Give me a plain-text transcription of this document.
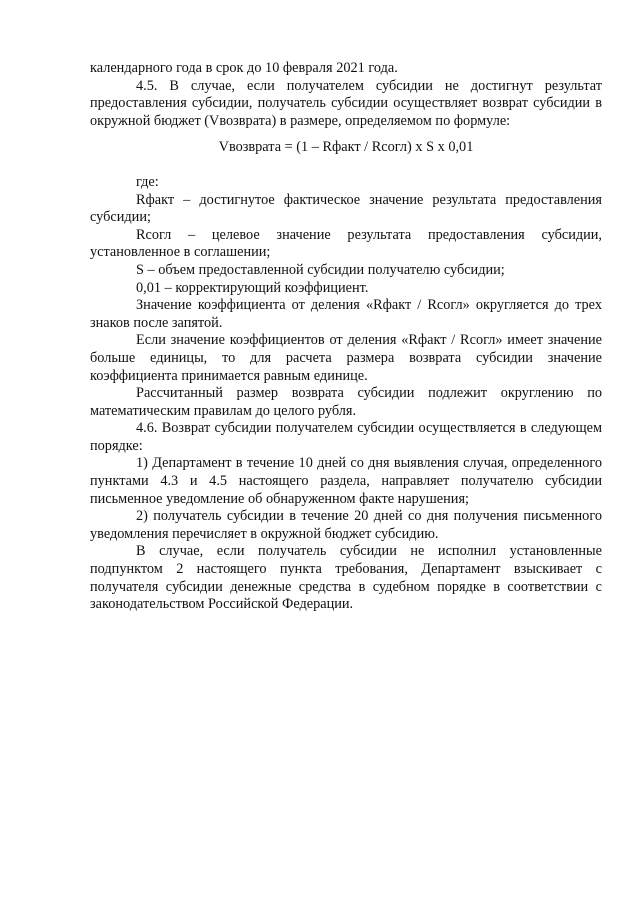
календарного года в срок до 10 февраля 2021 года.

4.5. В случае, если получателем субсидии не достигнут результат предоставления субсидии, получатель субсидии осуществляет возврат субсидии в окружной бюджет (Vвозврата) в размере, определяемом по формуле:

Vвозврата = (1 – Rфакт / Rсогл) х S х 0,01

где:

Rфакт – достигнутое фактическое значение результата предоставления субсидии;

Rсогл – целевое значение результата предоставления субсидии, установленное в соглашении;

S – объем предоставленной субсидии получателю субсидии;

0,01 – корректирующий коэффициент.

Значение коэффициента от деления «Rфакт / Rсогл» округляется до трех знаков после запятой.

Если значение коэффициентов от деления «Rфакт / Rсогл» имеет значение больше единицы, то для расчета размера возврата субсидии значение коэффициента принимается равным единице.

Рассчитанный размер возврата субсидии подлежит округлению по математическим правилам до целого рубля.

4.6. Возврат субсидии получателем субсидии осуществляется в следующем порядке:

1) Департамент в течение 10 дней со дня выявления случая, определенного пунктами 4.3 и 4.5 настоящего раздела, направляет получателю субсидии письменное уведомление об обнаруженном факте нарушения;

2) получатель субсидии в течение 20 дней со дня получения письменного уведомления перечисляет в окружной бюджет субсидию.

В случае, если получатель субсидии не исполнил установленные подпунктом 2 настоящего пункта требования, Департамент взыскивает с получателя субсидии денежные средства в судебном порядке в соответствии с законодательством Российской Федерации.
